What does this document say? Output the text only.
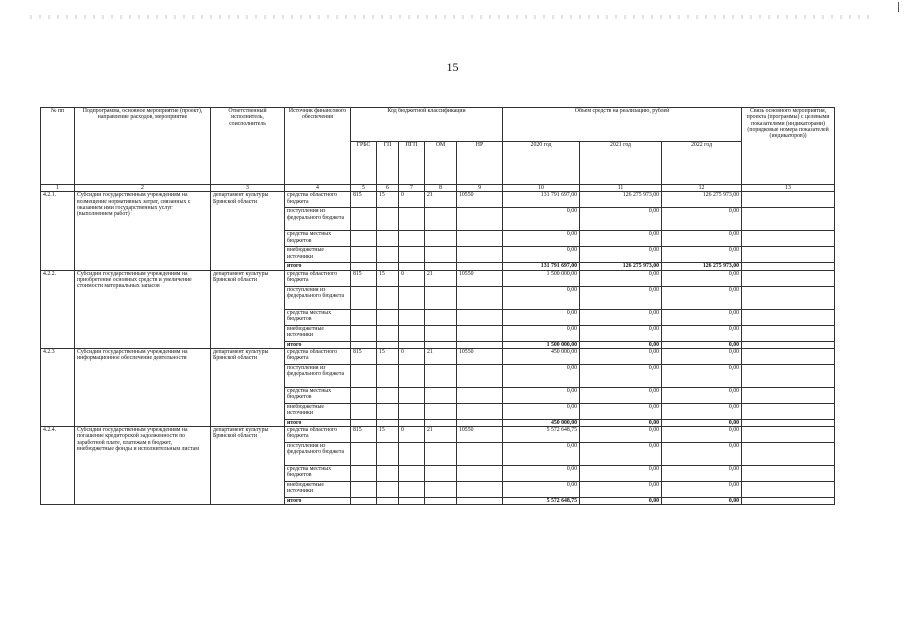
15
№ пп	Подпрограмма, основное мероприятие (проект), направление расходов, мероприятие	Ответственный исполнитель, соисполнитель	Источник финансового обеспечения	Код бюджетной классификации					Объем средств на реализацию, рублей			Связь основного мероприятия, проекта (программы) с целевыми показателями (индикаторами) (порядковые номера показателей (индикаторов))
				ГРБС	ГП	ПГП	ОМ	НР	2020 год	2021 год	2022 год	
1	2	3	4	5	6	7	8	9	10	11	12	13
4.2.1.	Субсидии государственным учреждениям на возмещение нормативных затрат, связанных с оказанием ими государственных услуг (выполнением работ)	департамент культуры Брянской области	средства областного бюджета	815	15	0	21	10550	131 791 697,00	126 275 973,00	126 275 973,00	
			поступления из федерального бюджета						0,00	0,00	0,00	
			средства местных бюджетов						0,00	0,00	0,00	
			внебюджетные источники						0,00	0,00	0,00	
			итого						131 791 697,00	126 275 973,00	126 275 973,00	
4.2.2.	Субсидии государственным учреждениям на приобретение основных средств и увеличение стоимости материальных запасов	департамент культуры Брянской области	средства областного бюджета	815	15	0	21	10550	1 500 000,00	0,00	0,00	
			поступления из федерального бюджета						0,00	0,00	0,00	
			средства местных бюджетов						0,00	0,00	0,00	
			внебюджетные источники						0,00	0,00	0,00	
			итого						1 500 000,00	0,00	0,00	
4.2.3	Субсидии государственным учреждениям на информационное обеспечение деятельности	департамент культуры Брянской области	средства областного бюджета	815	15	0	21	10550	450 000,00	0,00	0,00	
			поступления из федерального бюджета						0,00	0,00	0,00	
			средства местных бюджетов						0,00	0,00	0,00	
			внебюджетные источники						0,00	0,00	0,00	
			итого						450 000,00	0,00	0,00	
4.2.4.	Субсидии государственным учреждениям на погашение кредиторской задолженности по заработной плате, платежам в бюджет, внебюджетные фонды и исполнительным листам	департамент культуры Брянской области	средства областного бюджета	815	15	0	21	10550	5 572 648,75	0,00	0,00	
			поступления из федерального бюджета						0,00	0,00	0,00	
			средства местных бюджетов						0,00	0,00	0,00	
			внебюджетные источники						0,00	0,00	0,00	
			итого						5 572 648,75	0,00	0,00	
